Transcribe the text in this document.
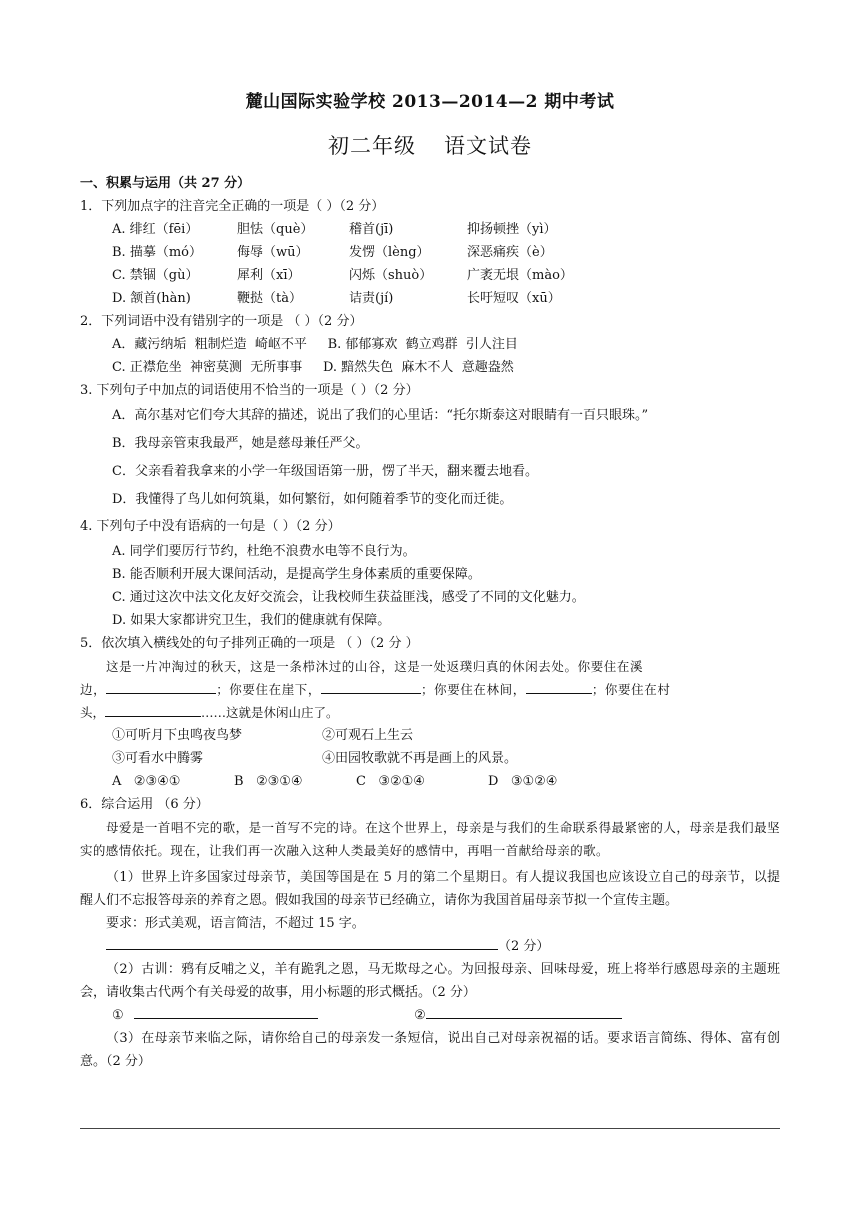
麓山国际实验学校 2013—2014—2 期中考试
初二年级 语文试卷
一、积累与运用（共 27 分）
1．下列加点字的注音完全正确的一项是（ ）（2 分）
A. 绯红（fēi）	胆怯（què）	稽首(jī)	抑扬顿挫（yì）
B. 描摹（mó）	侮辱（wū）	发愣（lèng）	深恶痛疾（è）
C. 禁锢（gù）	犀利（xī）	闪烁（shuò）	广袤无垠（mào）
D. 颔首(hàn)	鞭挞（tà）	诘责(jí)	长吁短叹（xū）
2．下列词语中没有错别字的一项是 （ ）（2 分）
A．藏污纳垢  粗制烂造  崎岖不平     B. 郁郁寡欢  鹤立鸡群  引人注目
C. 正襟危坐  神密莫测  无所事事     D. 黯然失色  麻木不人  意趣盎然
3. 下列句子中加点的词语使用不恰当的一项是（ ）（2 分）
A．高尔基对它们夸大其辞的描述，说出了我们的心里话：“托尔斯泰这对眼睛有一百只眼珠。”
B．我母亲管束我最严，她是慈母兼任严父。
C．父亲看着我拿来的小学一年级国语第一册，愣了半天，翻来覆去地看。
D．我懂得了鸟儿如何筑巢，如何繁衍，如何随着季节的变化而迁徙。
4. 下列句子中没有语病的一句是（ ）（2 分）
A. 同学们要厉行节约，杜绝不浪费水电等不良行为。
B. 能否顺利开展大课间活动，是提高学生身体素质的重要保障。
C. 通过这次中法文化友好交流会，让我校师生获益匪浅，感受了不同的文化魅力。
D. 如果大家都讲究卫生，我们的健康就有保障。
5．依次填入横线处的句子排列正确的一项是 （ ）（2 分 ）
这是一片冲淘过的秋天，这是一条栉沐过的山谷，这是一处返璞归真的休闲去处。你要住在溪
边，	；你要住在崖下，	；你要住在林间，	；你要住在村
头，	……这就是休闲山庄了。
①可听月下虫鸣夜鸟梦	②可观石上生云
③可看水中腾雾	④田园牧歌就不再是画上的风景。
A   ②③④①	B   ②③①④	C   ③②①④	D   ③①②④
6．综合运用 （6 分）
母爱是一首唱不完的歌，是一首写不完的诗。在这个世界上，母亲是与我们的生命联系得最紧密的人，母亲是我们最坚实的感情依托。现在，让我们再一次融入这种人类最美好的感情中，再唱一首献给母亲的歌。
（1）世界上许多国家过母亲节，美国等国是在 5 月的第二个星期日。有人提议我国也应该设立自己的母亲节，以提醒人们不忘报答母亲的养育之恩。假如我国的母亲节已经确立，请你为我国首届母亲节拟一个宣传主题。
要求：形式美观，语言简洁，不超过 15 字。
（2 分）
（2）古训：鸦有反哺之义，羊有跪乳之恩，马无欺母之心。为回报母亲、回味母爱，班上将举行感恩母亲的主题班会，请收集古代两个有关母爱的故事，用小标题的形式概括。（2 分）
①	②
（3）在母亲节来临之际，请你给自己的母亲发一条短信，说出自己对母亲祝福的话。要求语言简练、得体、富有创意。（2 分）
